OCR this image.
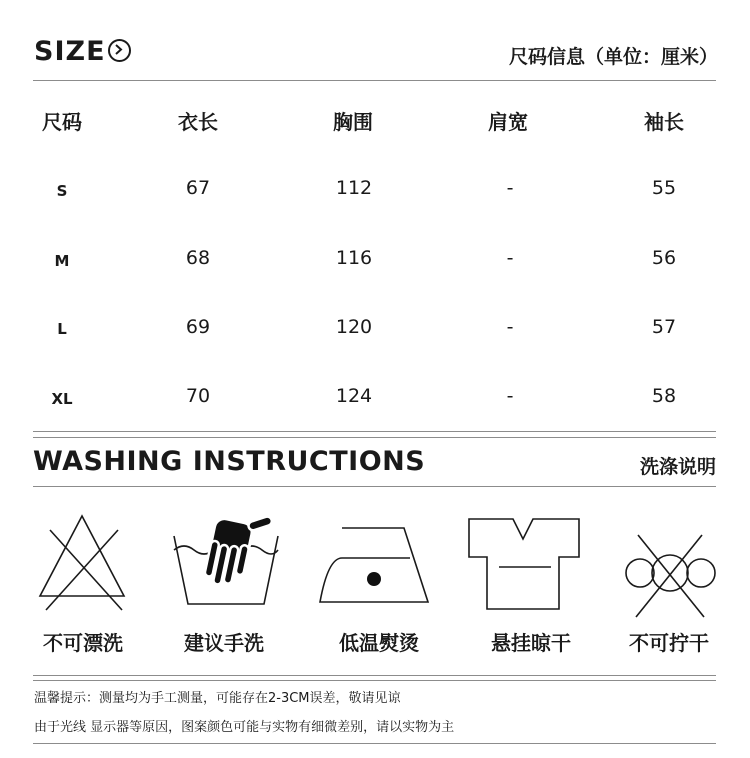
SIZE	尺码信息（单位：厘米）
尺码	衣长	胸围	肩宽	袖长
S	67	112	-	55
M	68	116	-	56
L	69	120	-	57
XL	70	124	-	58
WASHING INSTRUCTIONS	洗涤说明
不可漂洗	建议手洗	低温熨烫	悬挂晾干	不可拧干
温馨提示：测量均为手工测量，可能存在2-3CM误差，敬请见谅
由于光线 显示器等原因，图案颜色可能与实物有细微差别，请以实物为主
